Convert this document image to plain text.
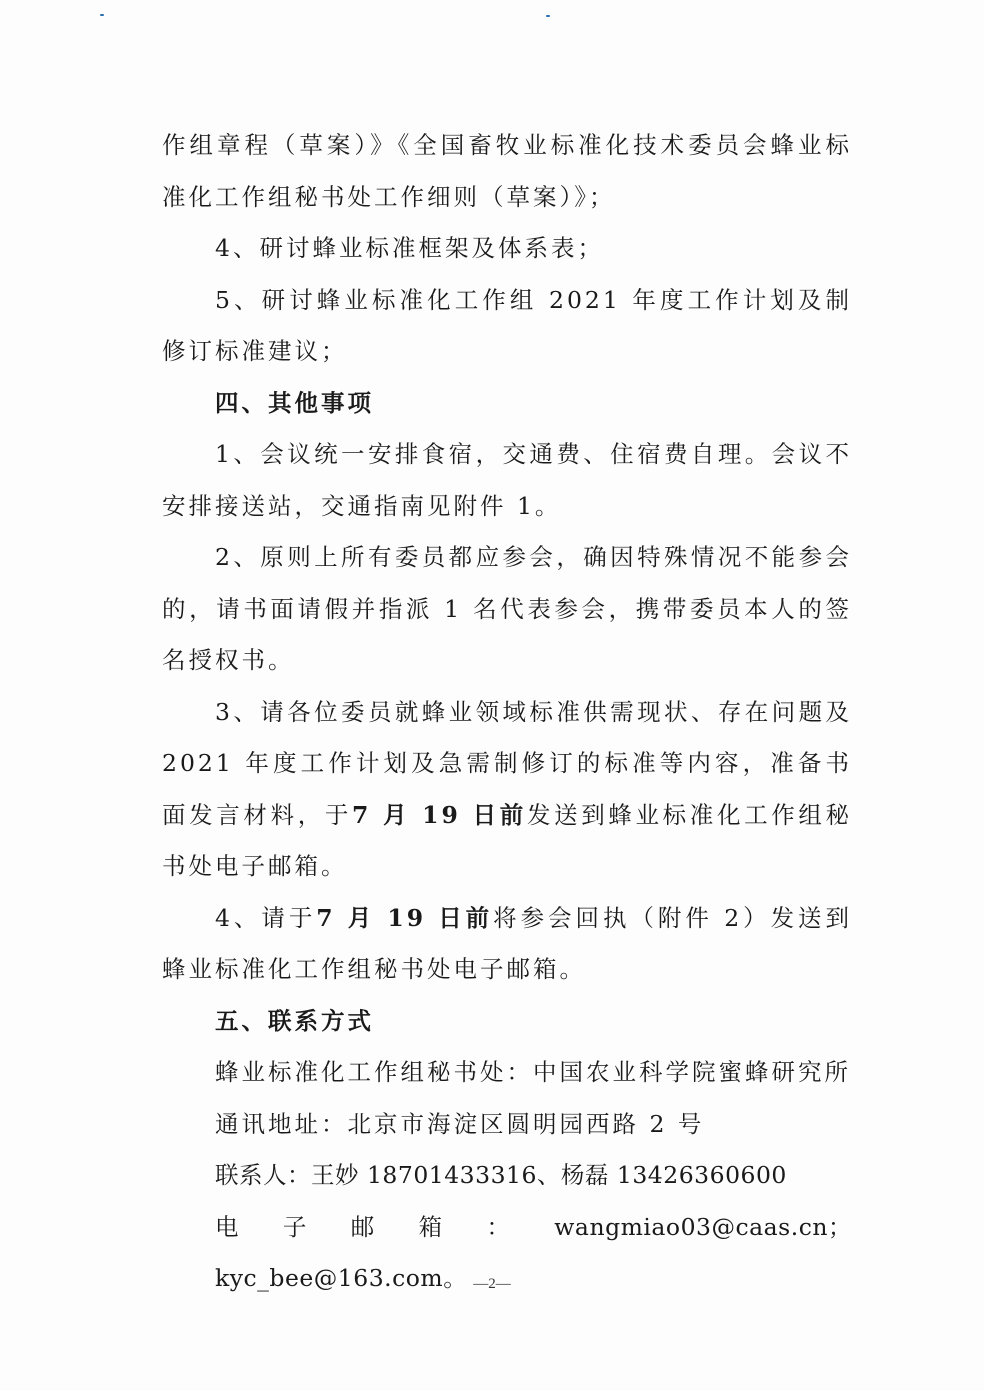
作组章程（草案）》《全国畜牧业标准化技术委员会蜂业标准化工作组秘书处工作细则（草案）》；

4、研讨蜂业标准框架及体系表；

5、研讨蜂业标准化工作组 2021 年度工作计划及制修订标准建议；

四、其他事项

1、会议统一安排食宿，交通费、住宿费自理。会议不安排接送站，交通指南见附件 1。

2、原则上所有委员都应参会，确因特殊情况不能参会的，请书面请假并指派 1 名代表参会，携带委员本人的签名授权书。

3、请各位委员就蜂业领域标准供需现状、存在问题及 2021 年度工作计划及急需制修订的标准等内容，准备书面发言材料，于7 月 19 日前发送到蜂业标准化工作组秘书处电子邮箱。

4、请于7 月 19 日前将参会回执（附件 2）发送到蜂业标准化工作组秘书处电子邮箱。

五、联系方式

蜂业标准化工作组秘书处：中国农业科学院蜜蜂研究所

通讯地址：北京市海淀区圆明园西路 2 号

联系人：王妙 18701433316、杨磊 13426360600

电子邮箱：wangmiao03@caas.cn；kyc_bee@163.com。 —2—
